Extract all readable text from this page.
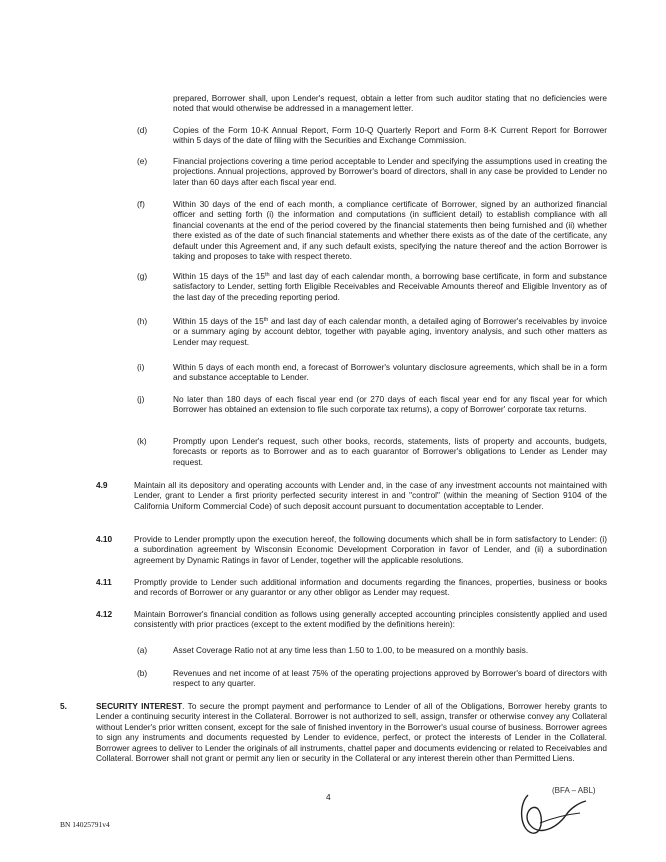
prepared, Borrower shall, upon Lender's request, obtain a letter from such auditor stating that no deficiencies were noted that would otherwise be addressed in a management letter.

(d)	Copies of the Form 10-K Annual Report, Form 10-Q Quarterly Report and Form 8-K Current Report for Borrower within 5 days of the date of filing with the Securities and Exchange Commission.

(e)	Financial projections covering a time period acceptable to Lender and specifying the assumptions used in creating the projections. Annual projections, approved by Borrower's board of directors, shall in any case be provided to Lender no later than 60 days after each fiscal year end.

(f)	Within 30 days of the end of each month, a compliance certificate of Borrower, signed by an authorized financial officer and setting forth (i) the information and computations (in sufficient detail) to establish compliance with all financial covenants at the end of the period covered by the financial statements then being furnished and (ii) whether there existed as of the date of such financial statements and whether there exists as of the date of the certificate, any default under this Agreement and, if any such default exists, specifying the nature thereof and the action Borrower is taking and proposes to take with respect thereto.

(g)	Within 15 days of the 15th and last day of each calendar month, a borrowing base certificate, in form and substance satisfactory to Lender, setting forth Eligible Receivables and Receivable Amounts thereof and Eligible Inventory as of the last day of the preceding reporting period.

(h)	Within 15 days of the 15th and last day of each calendar month, a detailed aging of Borrower's receivables by invoice or a summary aging by account debtor, together with payable aging, inventory analysis, and such other matters as Lender may request.

(i)	Within 5 days of each month end, a forecast of Borrower's voluntary disclosure agreements, which shall be in a form and substance acceptable to Lender.

(j)	No later than 180 days of each fiscal year end (or 270 days of each fiscal year end for any fiscal year for which Borrower has obtained an extension to file such corporate tax returns), a copy of Borrower' corporate tax returns.

(k)	Promptly upon Lender's request, such other books, records, statements, lists of property and accounts, budgets, forecasts or reports as to Borrower and as to each guarantor of Borrower's obligations to Lender as Lender may request.

4.9	Maintain all its depository and operating accounts with Lender and, in the case of any investment accounts not maintained with Lender, grant to Lender a first priority perfected security interest in and "control" (within the meaning of Section 9104 of the California Uniform Commercial Code) of such deposit account pursuant to documentation acceptable to Lender.

4.10	Provide to Lender promptly upon the execution hereof, the following documents which shall be in form satisfactory to Lender: (i) a subordination agreement by Wisconsin Economic Development Corporation in favor of Lender, and (ii) a subordination agreement by Dynamic Ratings in favor of Lender, together will the applicable resolutions.

4.11	Promptly provide to Lender such additional information and documents regarding the finances, properties, business or books and records of Borrower or any guarantor or any other obligor as Lender may request.

4.12	Maintain Borrower's financial condition as follows using generally accepted accounting principles consistently applied and used consistently with prior practices (except to the extent modified by the definitions herein):

(a)	Asset Coverage Ratio not at any time less than 1.50 to 1.00, to be measured on a monthly basis.

(b)	Revenues and net income of at least 75% of the operating projections approved by Borrower's board of directors with respect to any quarter.

5.	SECURITY INTEREST. To secure the prompt payment and performance to Lender of all of the Obligations, Borrower hereby grants to Lender a continuing security interest in the Collateral. Borrower is not authorized to sell, assign, transfer or otherwise convey any Collateral without Lender's prior written consent, except for the sale of finished inventory in the Borrower's usual course of business. Borrower agrees to sign any instruments and documents requested by Lender to evidence, perfect, or protect the interests of Lender in the Collateral. Borrower agrees to deliver to Lender the originals of all instruments, chattel paper and documents evidencing or related to Receivables and Collateral. Borrower shall not grant or permit any lien or security in the Collateral or any interest therein other than Permitted Liens.

4
BN 14025791v4
(BFA – ABL)
